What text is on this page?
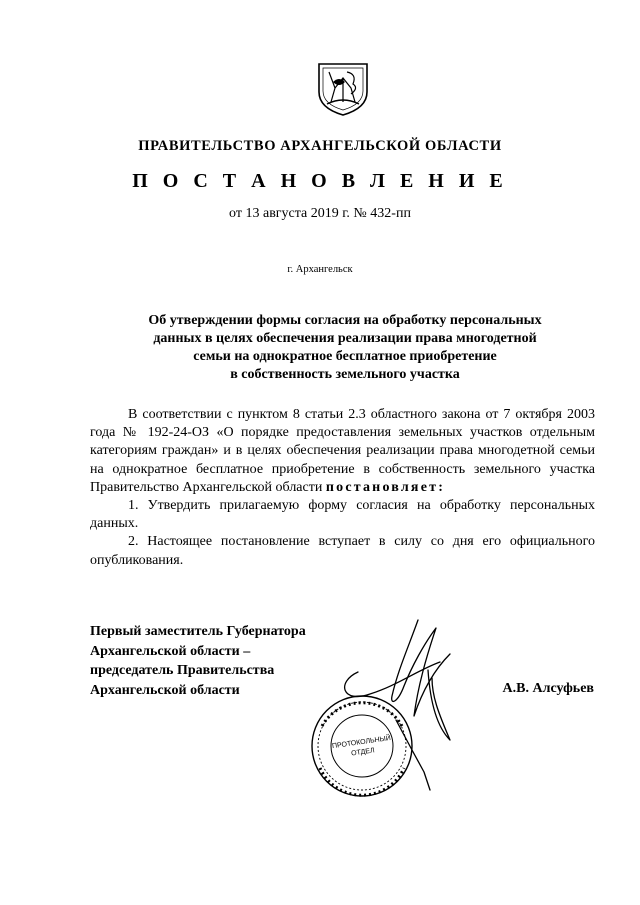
ПРАВИТЕЛЬСТВО АРХАНГЕЛЬСКОЙ ОБЛАСТИ
П О С Т А Н О В Л Е Н И Е
от 13 августа 2019 г. № 432-пп
г. Архангельск
Об утверждении формы согласия на обработку персональных
данных в целях обеспечения реализации права многодетной
семьи на однократное бесплатное приобретение
в собственность земельного участка

В соответствии с пунктом 8 статьи 2.3 областного закона от 7 октября 2003 года № 192-24-ОЗ «О порядке предоставления земельных участков отдельным категориям граждан» и в целях обеспечения реализации права многодетной семьи на однократное бесплатное приобретение в собственность земельного участка Правительство Архангельской области постановляет:

1. Утвердить прилагаемую форму согласия на обработку персональных данных.

2. Настоящее постановление вступает в силу со дня его официального опубликования.

Первый заместитель Губернатора
Архангельской области –
председатель Правительства
Архангельской области	А.В. Алсуфьев
ПРОТОКОЛЬНЫЙ
ОТДЕЛ
